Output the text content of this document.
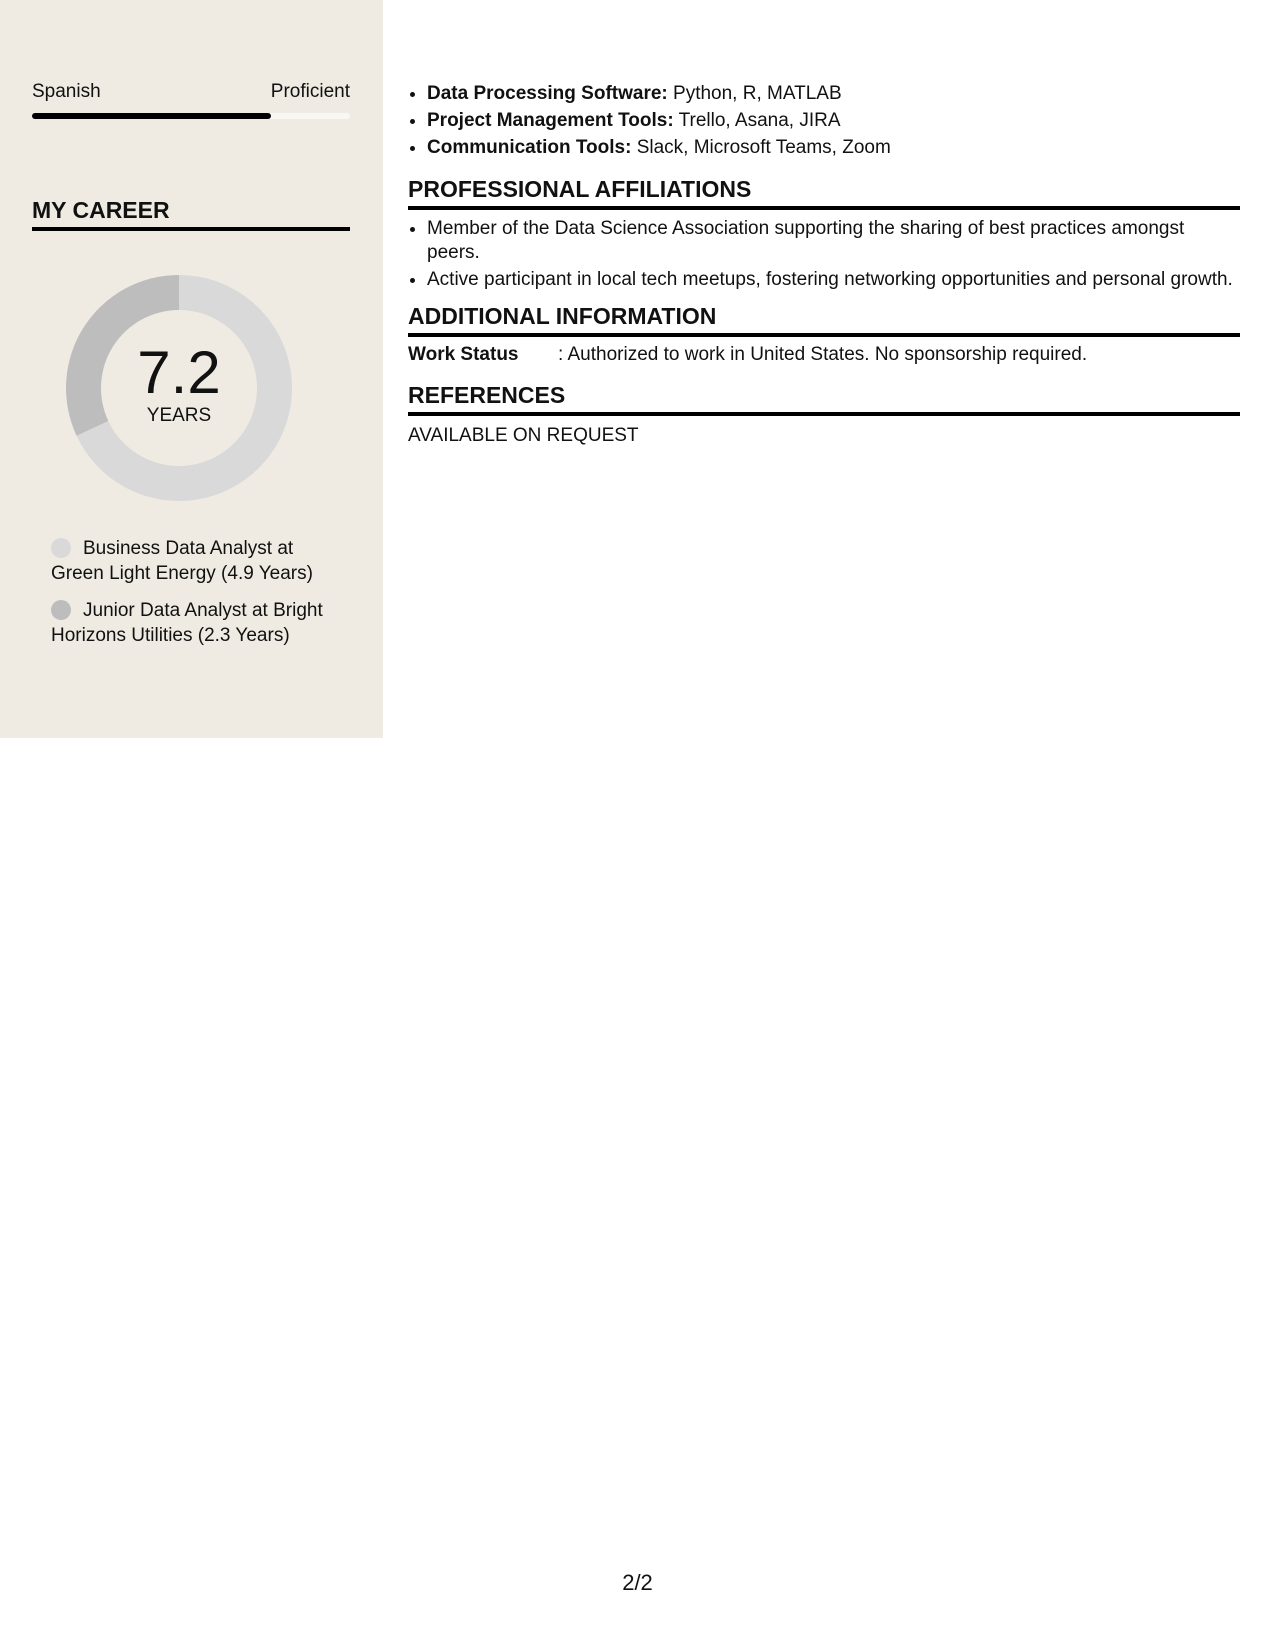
Spanish	Proficient
MY CAREER
7.2
YEARS
Business Data Analyst at Green Light Energy (4.9 Years)
Junior Data Analyst at Bright Horizons Utilities (2.3 Years)
• Data Processing Software: Python, R, MATLAB
• Project Management Tools: Trello, Asana, JIRA
• Communication Tools: Slack, Microsoft Teams, Zoom
PROFESSIONAL AFFILIATIONS
• Member of the Data Science Association supporting the sharing of best practices amongst peers.
• Active participant in local tech meetups, fostering networking opportunities and personal growth.
ADDITIONAL INFORMATION
Work Status	: Authorized to work in United States. No sponsorship required.
REFERENCES
AVAILABLE ON REQUEST
2/2
